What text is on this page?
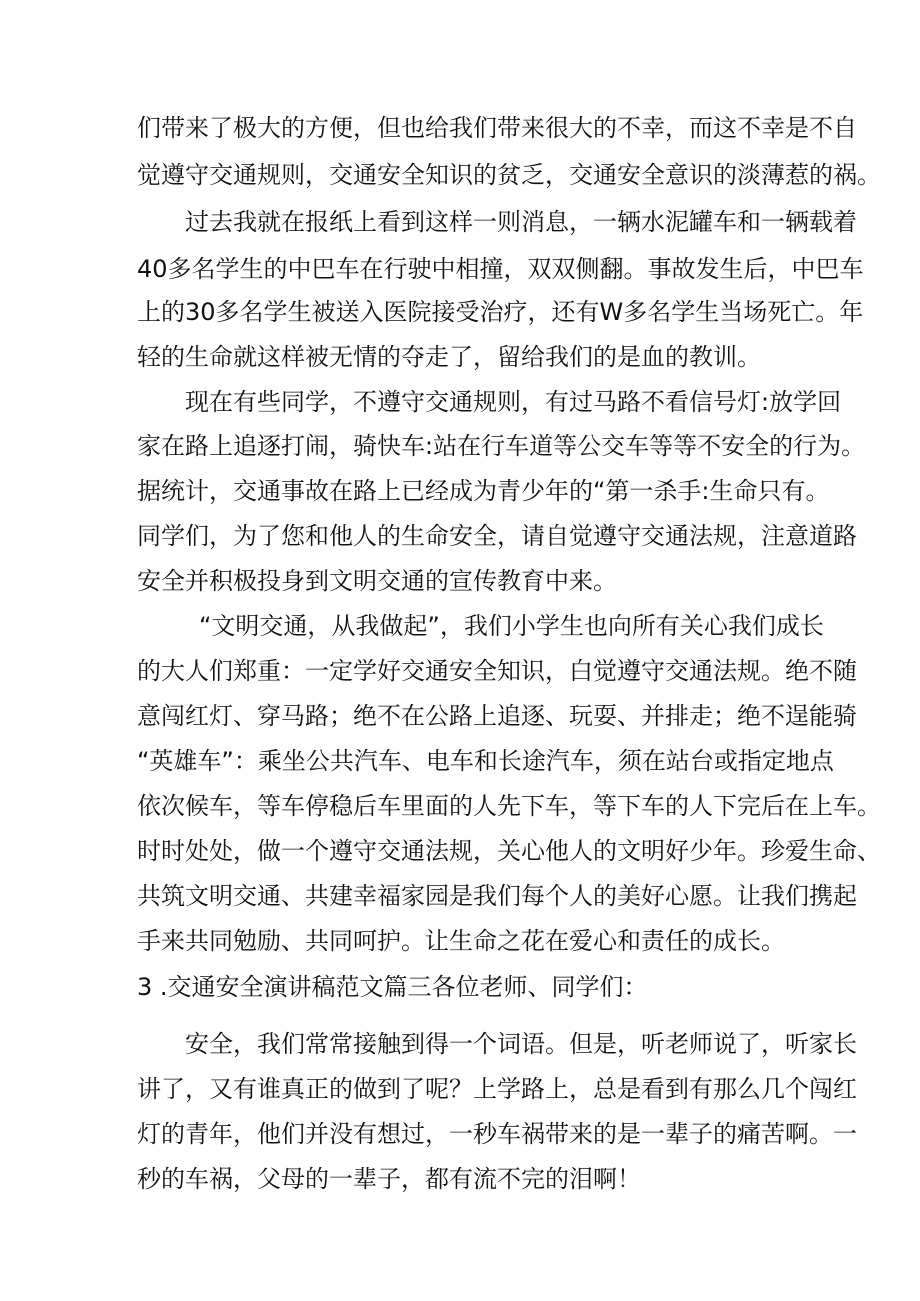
们带来了极大的方便，但也给我们带来很大的不幸，而这不幸是不自
觉遵守交通规则，交通安全知识的贫乏，交通安全意识的淡薄惹的祸。
过去我就在报纸上看到这样一则消息，一辆水泥罐车和一辆载着
40多名学生的中巴车在行驶中相撞，双双侧翻。事故发生后，中巴车
上的30多名学生被送入医院接受治疗，还有W多名学生当场死亡。年
轻的生命就这样被无情的夺走了，留给我们的是血的教训。
现在有些同学，不遵守交通规则，有过马路不看信号灯:放学回
家在路上追逐打闹，骑快车:站在行车道等公交车等等不安全的行为。
据统计，交通事故在路上已经成为青少年的“第一杀手:生命只有。
同学们，为了您和他人的生命安全，请自觉遵守交通法规，注意道路
安全并积极投身到文明交通的宣传教育中来。
“文明交通，从我做起”，我们小学生也向所有关心我们成长
的大人们郑重：一定学好交通安全知识，白觉遵守交通法规。绝不随
意闯红灯、穿马路；绝不在公路上追逐、玩耍、并排走；绝不逞能骑
“英雄车”：乘坐公共汽车、电车和长途汽车，须在站台或指定地点
依次候车，等车停稳后车里面的人先下车，等下车的人下完后在上车。
时时处处，做一个遵守交通法规，关心他人的文明好少年。珍爱生命、
共筑文明交通、共建幸福家园是我们每个人的美好心愿。让我们携起
手来共同勉励、共同呵护。让生命之花在爱心和责任的成长。
3 .交通安全演讲稿范文篇三各位老师、同学们：
安全，我们常常接触到得一个词语。但是，听老师说了，听家长
讲了，又有谁真正的做到了呢？上学路上，总是看到有那么几个闯红
灯的青年，他们并没有想过，一秒车祸带来的是一辈子的痛苦啊。一
秒的车祸，父母的一辈子，都有流不完的泪啊！
